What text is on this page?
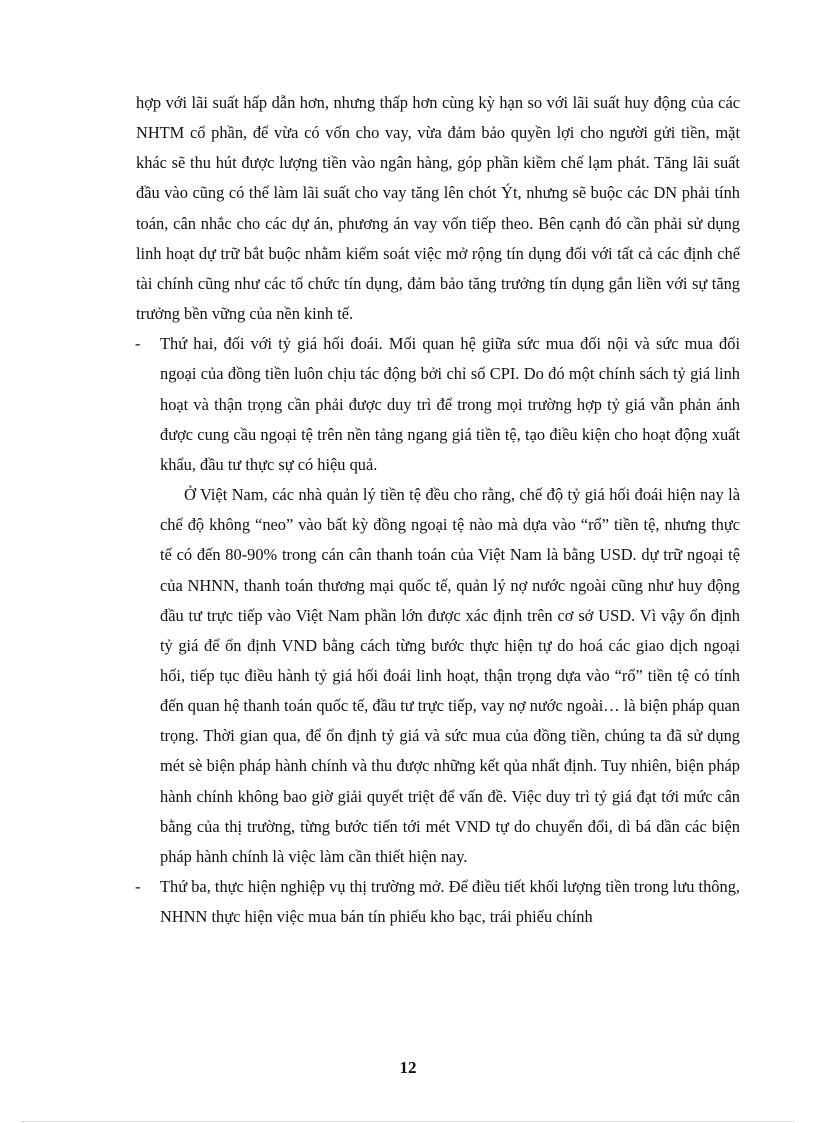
hợp với lãi suất hấp dẫn hơn, nhưng thấp hơn cùng kỳ hạn so với lãi suất huy động của các NHTM cổ phần, để vừa có vốn cho vay, vừa đảm bảo quyền lợi cho người gửi tiền, mặt khác sẽ thu hút được lượng tiền vào ngân hàng, góp phần kiềm chế lạm phát. Tăng lãi suất đầu vào cũng có thể làm lãi suất cho vay tăng lên chót Ýt, nhưng sẽ buộc các DN phải tính toán, cân nhắc cho các dự án, phương án vay vốn tiếp theo. Bên cạnh đó cần phải sử dụng linh hoạt dự trữ bắt buộc nhằm kiểm soát việc mở rộng tín dụng đối với tất cả các định chế tài chính cũng như các tổ chức tín dụng, đảm bảo tăng trưởng tín dụng gắn liền với sự tăng trưởng bền vững của nền kinh tế.

- Thứ hai, đối với tỷ giá hối đoái. Mối quan hệ giữa sức mua đối nội và sức mua đối ngoại của đồng tiền luôn chịu tác động bởi chỉ số CPI. Do đó một chính sách tỷ giá linh hoạt và thận trọng cần phải được duy trì để trong mọi trường hợp tỷ giá vẫn phản ánh được cung cầu ngoại tệ trên nền tảng ngang giá tiền tệ, tạo điều kiện cho hoạt động xuất khẩu, đầu tư thực sự có hiệu quả.

Ở Việt Nam, các nhà quản lý tiền tệ đều cho rằng, chế độ tỷ giá hối đoái hiện nay là chế độ không “neo” vào bất kỳ đồng ngoại tệ nào mà dựa vào “rổ” tiền tệ, nhưng thực tế có đến 80-90% trong cán cân thanh toán của Việt Nam là bằng USD. dự trữ ngoại tệ của NHNN, thanh toán thương mại quốc tế, quản lý nợ nước ngoài cũng như huy động đầu tư trực tiếp vào Việt Nam phần lớn được xác định trên cơ sở USD. Vì vậy ổn định tỷ giá để ổn định VND bằng cách từng bước thực hiện tự do hoá các giao dịch ngoại hối, tiếp tục điều hành tỷ giá hối đoái linh hoạt, thận trọng dựa vào “rổ” tiền tệ có tính đến quan hệ thanh toán quốc tế, đầu tư trực tiếp, vay nợ nước ngoài… là biện pháp quan trọng. Thời gian qua, để ổn định tỷ giá và sức mua của đồng tiền, chúng ta đã sử dụng mét sè biện pháp hành chính và thu được những kết qủa nhất định. Tuy nhiên, biện pháp hành chính không bao giờ giải quyết triệt để vấn đề. Việc duy trì tỷ giá đạt tới mức cân bằng của thị trường, từng bước tiến tới mét VND tự do chuyển đổi, dì bá dần các biện pháp hành chính là việc làm cần thiết hiện nay.

- Thứ ba, thực hiện nghiệp vụ thị trường mở. Để điều tiết khối lượng tiền trong lưu thông, NHNN thực hiện việc mua bán tín phiếu kho bạc, trái phiếu chính

12
